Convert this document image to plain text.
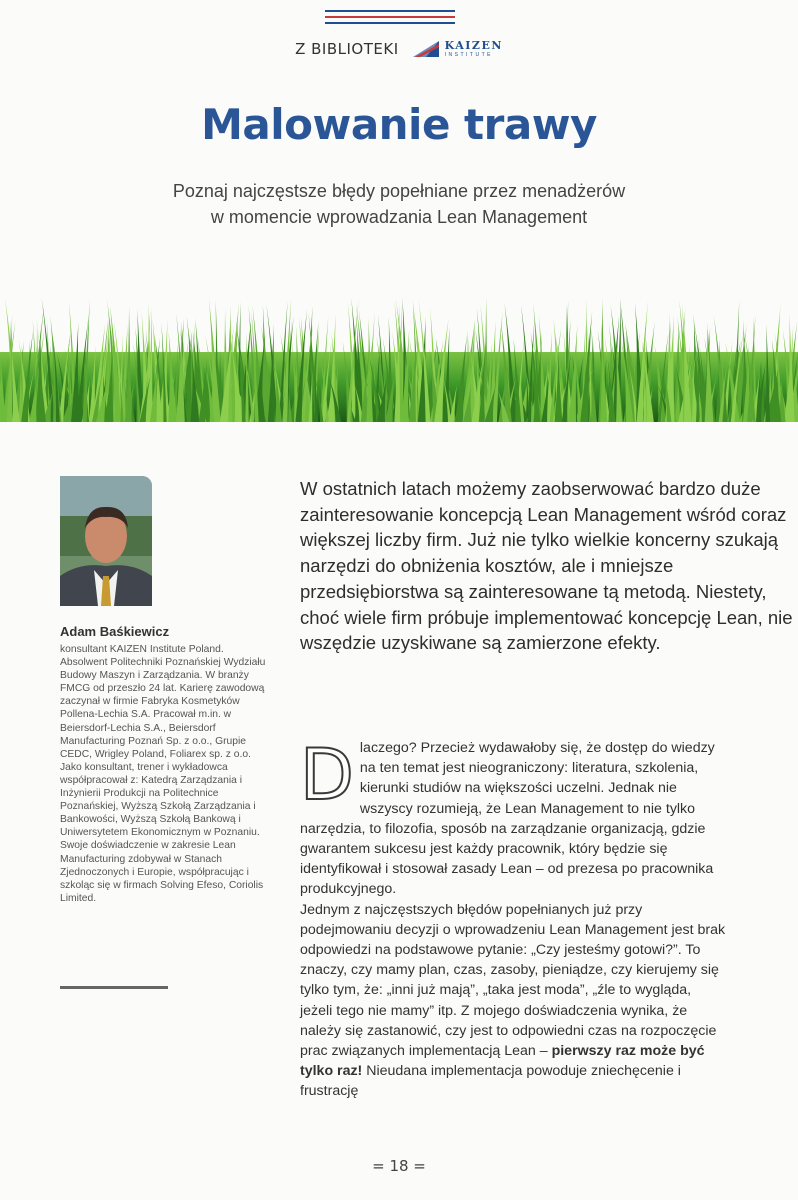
Z BIBLIOTEKI	KAIZEN
INSTITUTE
Malowanie trawy

Poznaj najczęstsze błędy popełniane przez menadżerów
w momencie wprowadzania Lean Management

Adam Baśkiewicz

konsultant KAIZEN Institute Poland. Absolwent Politechniki Poznańskiej Wydziału Budowy Maszyn i Zarządzania. W branży FMCG od przeszło 24 lat. Karierę zawodową zaczynał w firmie Fabryka Kosmetyków Pollena-Lechia S.A. Pracował m.in. w Beiersdorf-Lechia S.A., Beiersdorf Manufacturing Poznań Sp. z o.o., Grupie CEDC, Wrigley Poland, Foliarex sp. z o.o. Jako konsultant, trener i wykładowca współpracował z: Katedrą Zarządzania i Inżynierii Produkcji na Politechnice Poznańskiej, Wyższą Szkołą Zarządzania i Bankowości, Wyższą Szkołą Bankową i Uniwersytetem Ekonomicznym w Poznaniu. Swoje doświadczenie w zakresie Lean Manufacturing zdobywał w Stanach Zjednoczonych i Europie, współpracując i szkoląc się w firmach Solving Efeso, Coriolis Limited.

W ostatnich latach możemy zaobserwować bardzo duże zainteresowanie koncepcją Lean Management wśród coraz większej liczby firm. Już nie tylko wielkie koncerny szukają narzędzi do obniżenia kosztów, ale i mniejsze przedsiębiorstwa są zainteresowane tą metodą. Niestety, choć wiele firm próbuje implementować koncepcję Lean, nie wszędzie uzyskiwane są zamierzone efekty.

D laczego? Przecież wydawałoby się, że dostęp do wiedzy na ten temat jest nieograniczony: literatura, szkolenia, kierunki studiów na większości uczelni. Jednak nie wszyscy rozumieją, że Lean Management to nie tylko narzędzia, to filozofia, sposób na zarządzanie organizacją, gdzie gwarantem sukcesu jest każdy pracownik, który będzie się identyfikował i stosował zasady Lean – od prezesa po pracownika produkcyjnego.
Jednym z najczęstszych błędów popełnianych już przy podejmowaniu decyzji o wprowadzeniu Lean Management jest brak odpowiedzi na podstawowe pytanie: „Czy jesteśmy gotowi?”. To znaczy, czy mamy plan, czas, zasoby, pieniądze, czy kierujemy się tylko tym, że: „inni już mają”, „taka jest moda”, „źle to wygląda, jeżeli tego nie mamy” itp. Z mojego doświadczenia wynika, że należy się zastanowić, czy jest to odpowiedni czas na rozpoczęcie prac związanych implementacją Lean – pierwszy raz może być tylko raz! Nieudana implementacja powoduje zniechęcenie i frustrację
= 18 =
